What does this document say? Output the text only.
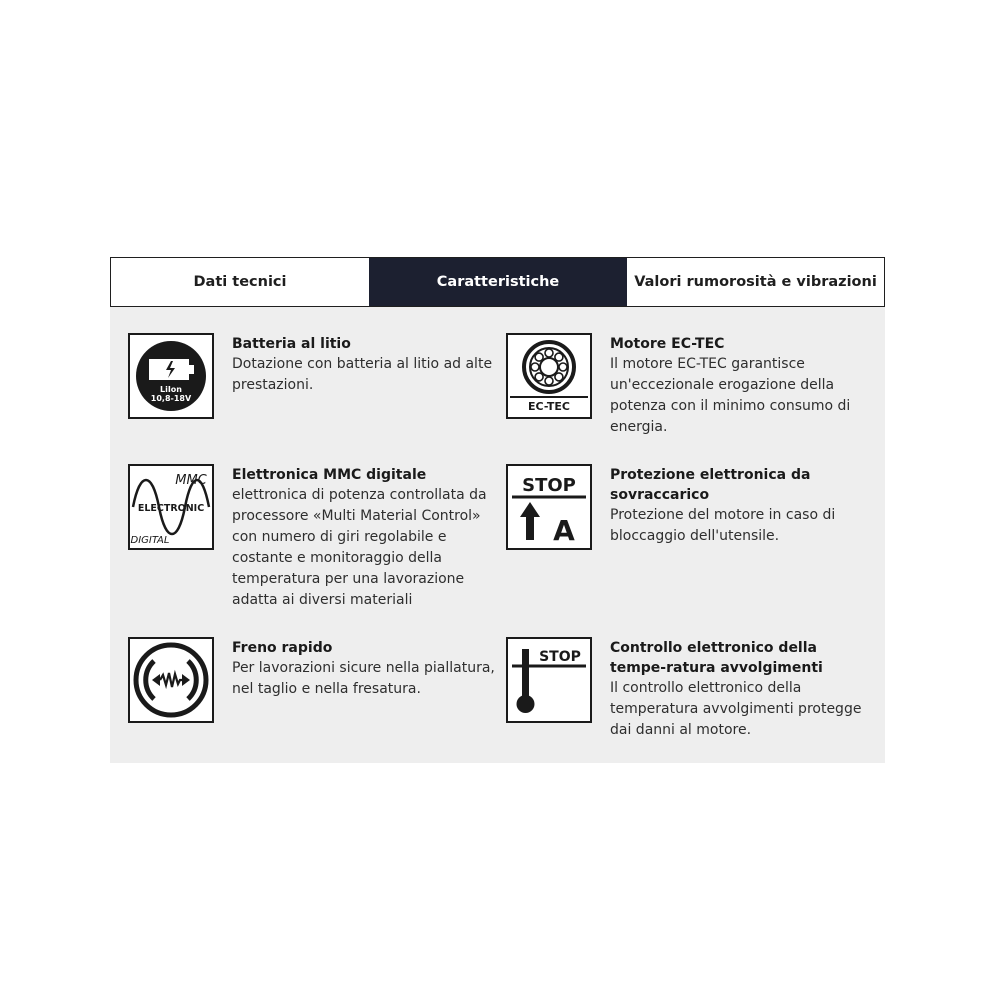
Dati tecnici	Caratteristiche	Valori rumorosità e vibrazioni
LiIon
10,8-18V

Batteria al litio

Dotazione con batteria al litio ad alte prestazioni.

EC-TEC

Motore EC-TEC

Il motore EC-TEC garantisce un'eccezionale erogazione della potenza con il minimo consumo di energia.

MMC
ELECTRONIC
DIGITAL

Elettronica MMC digitale

elettronica di potenza controllata da processore «Multi Material Control» con numero di giri regolabile e costante e monitoraggio della temperatura per una lavorazione adatta ai diversi materiali

STOP
A

Protezione elettronica da sovraccarico

Protezione del motore in caso di bloccaggio dell'utensile.

Freno rapido

Per lavorazioni sicure nella piallatura, nel taglio e nella fresatura.

STOP

Controllo elettronico della tempe-ratura avvolgimenti

Il controllo elettronico della temperatura avvolgimenti protegge dai danni al motore.
